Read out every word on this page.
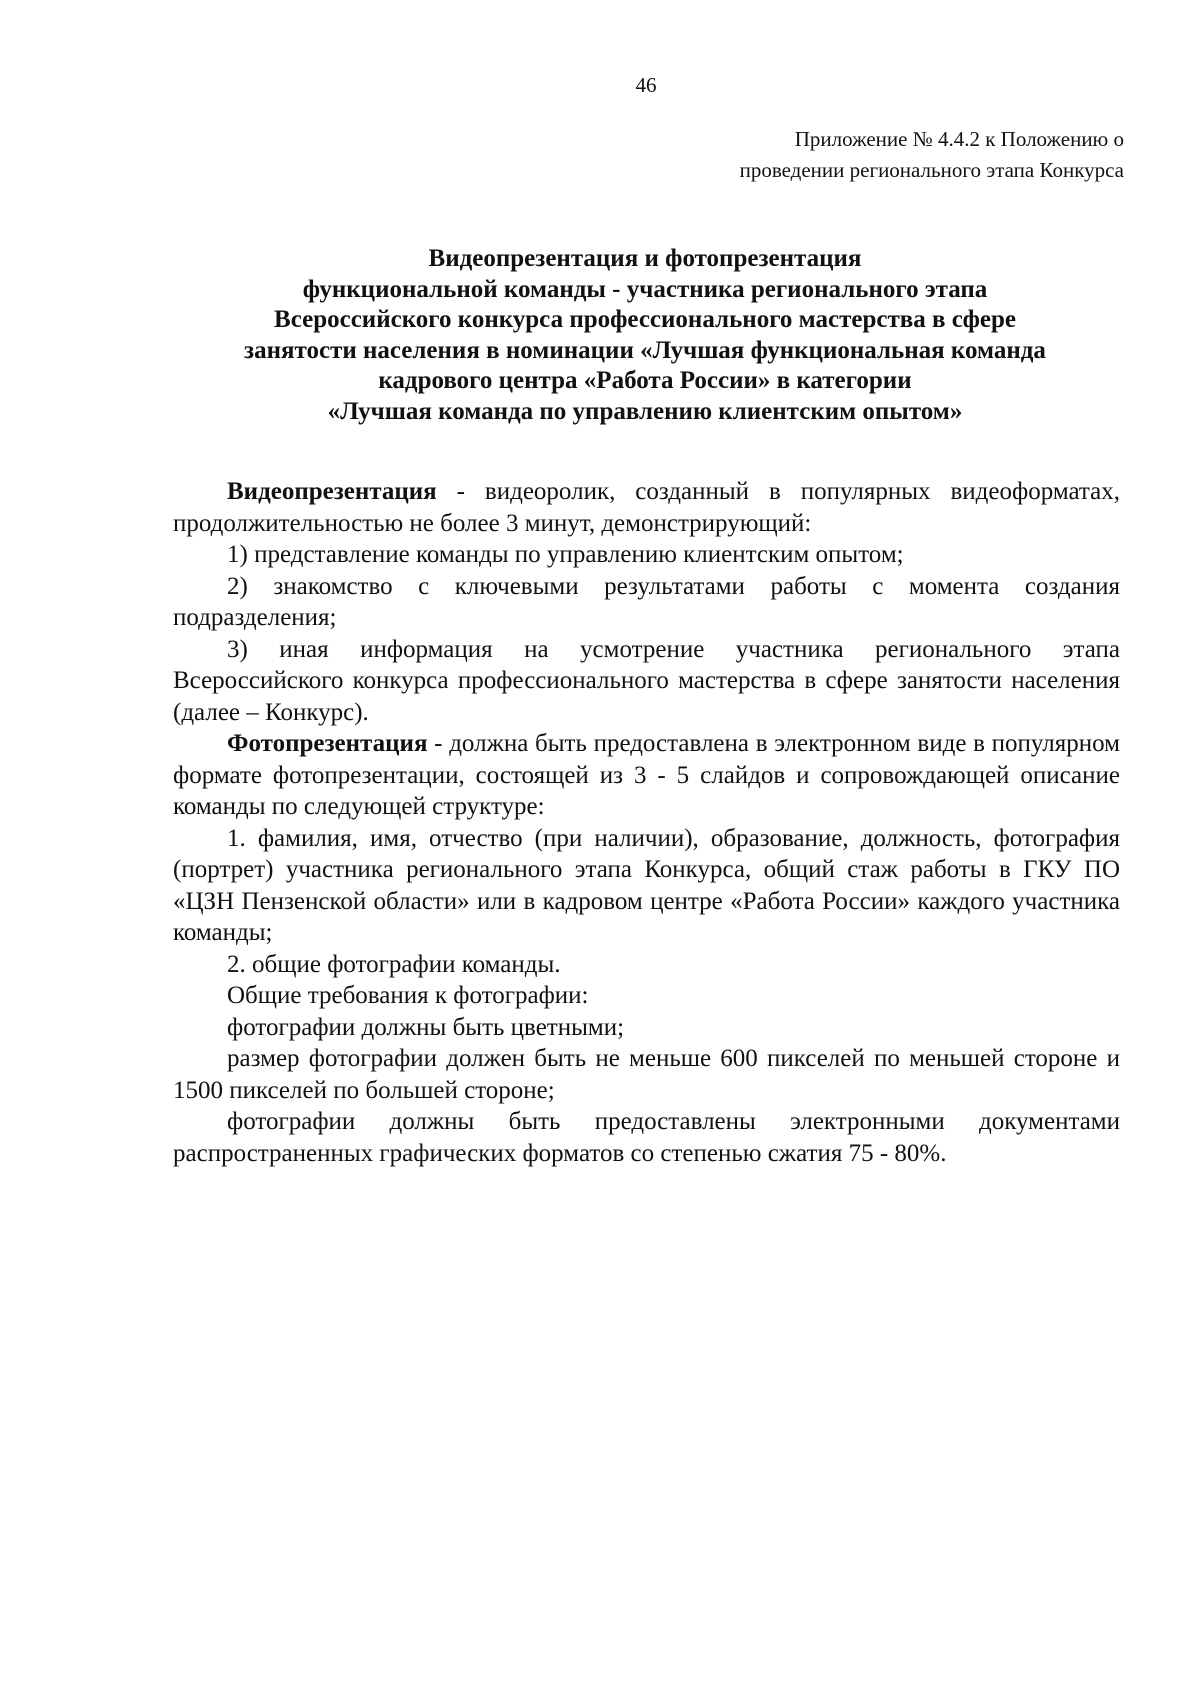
46
Приложение № 4.4.2 к Положению о
проведении регионального этапа Конкурса
Видеопрезентация и фотопрезентация
функциональной команды - участника регионального этапа
Всероссийского конкурса профессионального мастерства в сфере
занятости населения в номинации «Лучшая функциональная команда
кадрового центра «Работа России» в категории
«Лучшая команда по управлению клиентским опытом»

Видеопрезентация - видеоролик, созданный в популярных видеоформатах, продолжительностью не более 3 минут, демонстрирующий:

1) представление команды по управлению клиентским опытом;

2) знакомство с ключевыми результатами работы с момента создания подразделения;

3) иная информация на усмотрение участника регионального этапа Всероссийского конкурса профессионального мастерства в сфере занятости населения (далее – Конкурс).

Фотопрезентация - должна быть предоставлена в электронном виде в популярном формате фотопрезентации, состоящей из 3 - 5 слайдов и сопровождающей описание команды по следующей структуре:

1. фамилия, имя, отчество (при наличии), образование, должность, фотография (портрет) участника регионального этапа Конкурса, общий стаж работы в ГКУ ПО «ЦЗН Пензенской области» или в кадровом центре «Работа России» каждого участника команды;

2. общие фотографии команды.

Общие требования к фотографии:

фотографии должны быть цветными;

размер фотографии должен быть не меньше 600 пикселей по меньшей стороне и 1500 пикселей по большей стороне;

фотографии должны быть предоставлены электронными документами распространенных графических форматов со степенью сжатия 75 - 80%.
